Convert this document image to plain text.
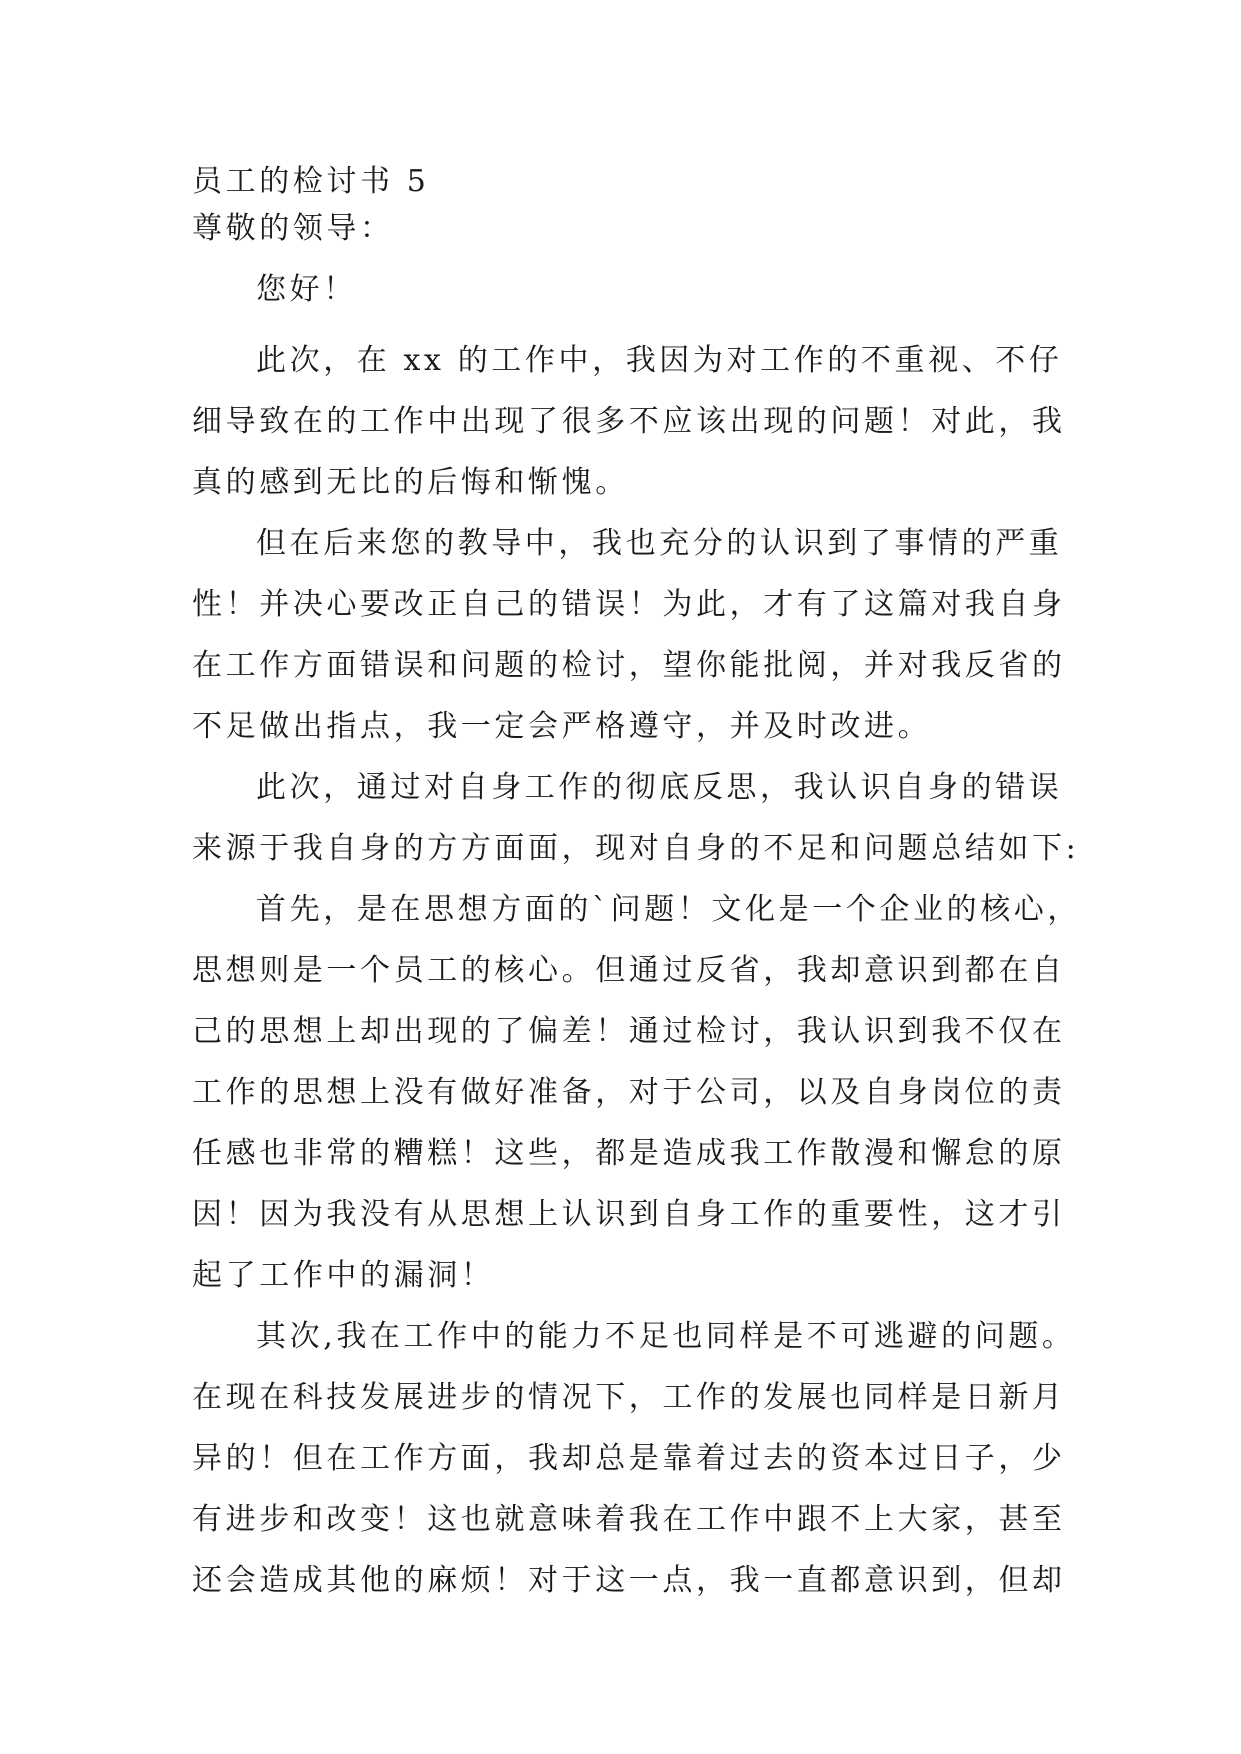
员工的检讨书 5

尊敬的领导：

您好！

此次，在 xx 的工作中，我因为对工作的不重视、不仔

细导致在的工作中出现了很多不应该出现的问题！对此，我

真的感到无比的后悔和惭愧。

但在后来您的教导中，我也充分的认识到了事情的严重

性！并决心要改正自己的错误！为此，才有了这篇对我自身

在工作方面错误和问题的检讨，望你能批阅，并对我反省的

不足做出指点，我一定会严格遵守，并及时改进。

此次，通过对自身工作的彻底反思，我认识自身的错误

来源于我自身的方方面面，现对自身的不足和问题总结如下:

首先，是在思想方面的`问题！文化是一个企业的核心，

思想则是一个员工的核心。但通过反省，我却意识到都在自

己的思想上却出现的了偏差！通过检讨，我认识到我不仅在

工作的思想上没有做好准备，对于公司，以及自身岗位的责

任感也非常的糟糕！这些，都是造成我工作散漫和懈怠的原

因！因为我没有从思想上认识到自身工作的重要性，这才引

起了工作中的漏洞！

其次,我在工作中的能力不足也同样是不可逃避的问题。

在现在科技发展进步的情况下，工作的发展也同样是日新月

异的！但在工作方面，我却总是靠着过去的资本过日子，少

有进步和改变！这也就意味着我在工作中跟不上大家，甚至

还会造成其他的麻烦！对于这一点，我一直都意识到，但却
